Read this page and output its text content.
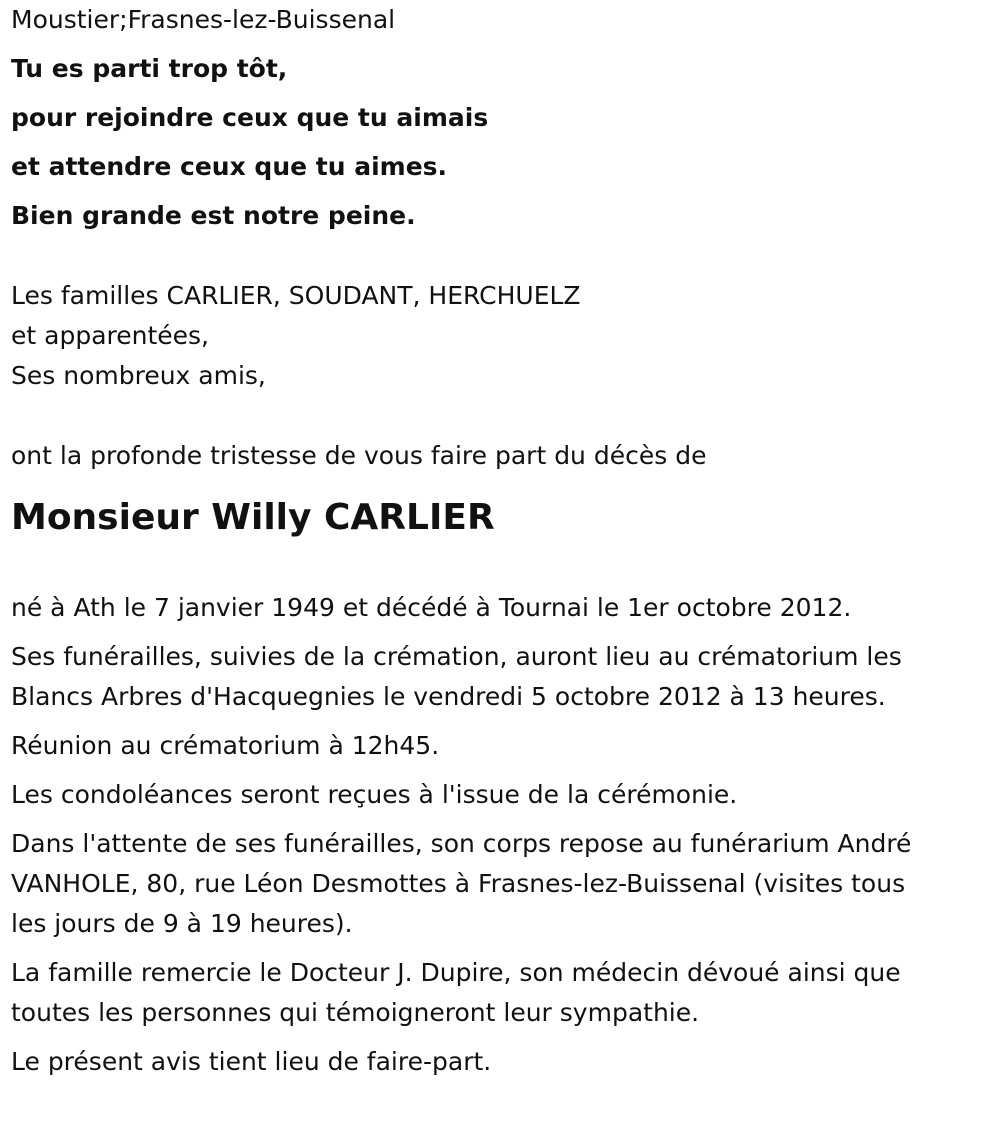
Moustier;Frasnes-lez-Buissenal
Tu es parti trop tôt,
pour rejoindre ceux que tu aimais
et attendre ceux que tu aimes.
Bien grande est notre peine.
Les familles CARLIER, SOUDANT, HERCHUELZ
et apparentées,
Ses nombreux amis,
ont la profonde tristesse de vous faire part du décès de
Monsieur Willy CARLIER
né à Ath le 7 janvier 1949 et décédé à Tournai le 1er octobre 2012.
Ses funérailles, suivies de la crémation, auront lieu au crématorium les
Blancs Arbres d'Hacquegnies le vendredi 5 octobre 2012 à 13 heures.
Réunion au crématorium à 12h45.
Les condoléances seront reçues à l'issue de la cérémonie.
Dans l'attente de ses funérailles, son corps repose au funérarium André
VANHOLE, 80, rue Léon Desmottes à Frasnes-lez-Buissenal (visites tous
les jours de 9 à 19 heures).
La famille remercie le Docteur J. Dupire, son médecin dévoué ainsi que
toutes les personnes qui témoigneront leur sympathie.
Le présent avis tient lieu de faire-part.
